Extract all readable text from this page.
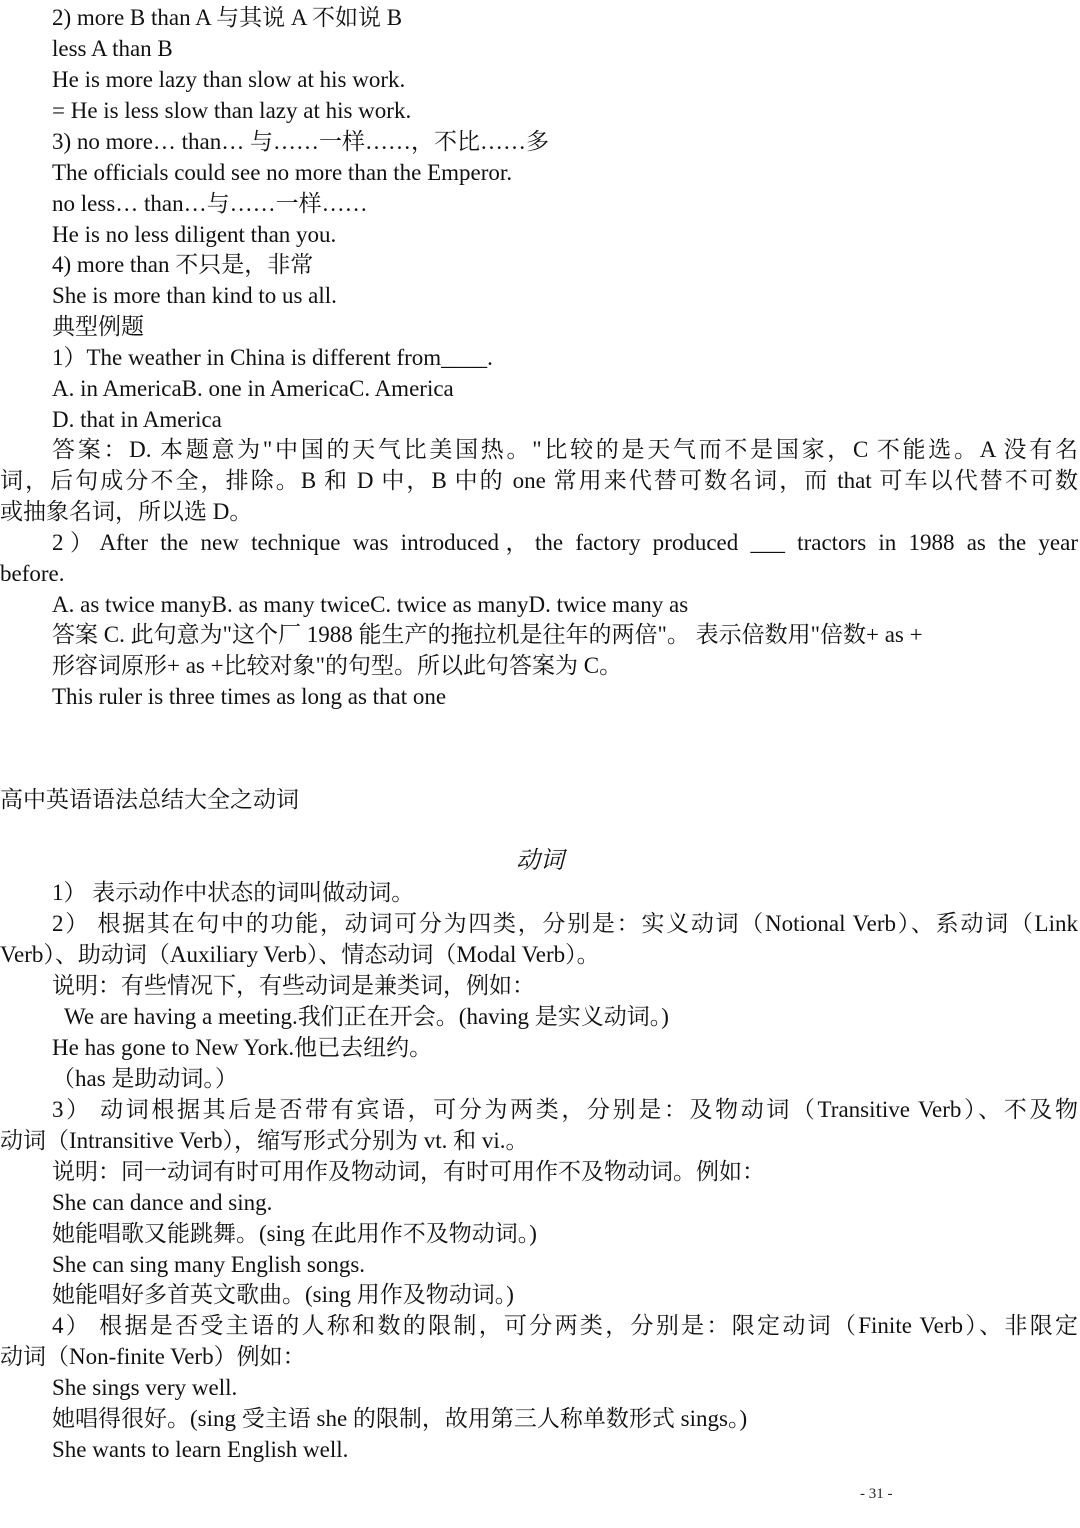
2) more B than A 与其说 A 不如说 B
less A than B
He is more lazy than slow at his work.
= He is less slow than lazy at his work.
3) no more… than… 与……一样……，不比……多
The officials could see no more than the Emperor.
no less… than…与……一样……
He is no less diligent than you.
4) more than 不只是，非常
She is more than kind to us all.
典型例题
1）The weather in China is different from____.
A. in AmericaB. one in AmericaC. America
D. that in America
答案：D. 本题意为"中国的天气比美国热。"比较的是天气而不是国家，C 不能选。A 没有名
词，后句成分不全，排除。B 和 D 中，B 中的 one 常用来代替可数名词，而 that 可车以代替不可数
或抽象名词，所以选 D。
2）After the new technique was introduced，the factory produced ___ tractors in 1988 as the year
before.
A. as twice manyB. as many twiceC. twice as manyD. twice many as
答案 C. 此句意为"这个厂 1988 能生产的拖拉机是往年的两倍"。 表示倍数用"倍数+ as +
形容词原形+ as +比较对象"的句型。所以此句答案为 C。
This ruler is three times as long as that one
高中英语语法总结大全之动词
动词
1） 表示动作中状态的词叫做动词。
2） 根据其在句中的功能，动词可分为四类，分别是：实义动词（Notional Verb）、系动词（Link
Verb）、助动词（Auxiliary Verb）、情态动词（Modal Verb）。
说明：有些情况下，有些动词是兼类词，例如：
We are having a meeting.我们正在开会。(having 是实义动词。)
He has gone to New York.他已去纽约。
（has 是助动词。）
3） 动词根据其后是否带有宾语，可分为两类，分别是：及物动词（Transitive Verb）、不及物
动词（Intransitive Verb），缩写形式分别为 vt. 和 vi.。
说明：同一动词有时可用作及物动词，有时可用作不及物动词。例如：
She can dance and sing.
她能唱歌又能跳舞。(sing 在此用作不及物动词。)
She can sing many English songs.
她能唱好多首英文歌曲。(sing 用作及物动词。)
4） 根据是否受主语的人称和数的限制，可分两类，分别是：限定动词（Finite Verb）、非限定
动词（Non-finite Verb）例如：
She sings very well.
她唱得很好。(sing 受主语 she 的限制，故用第三人称单数形式 sings。)
She wants to learn English well.
- 31 -
